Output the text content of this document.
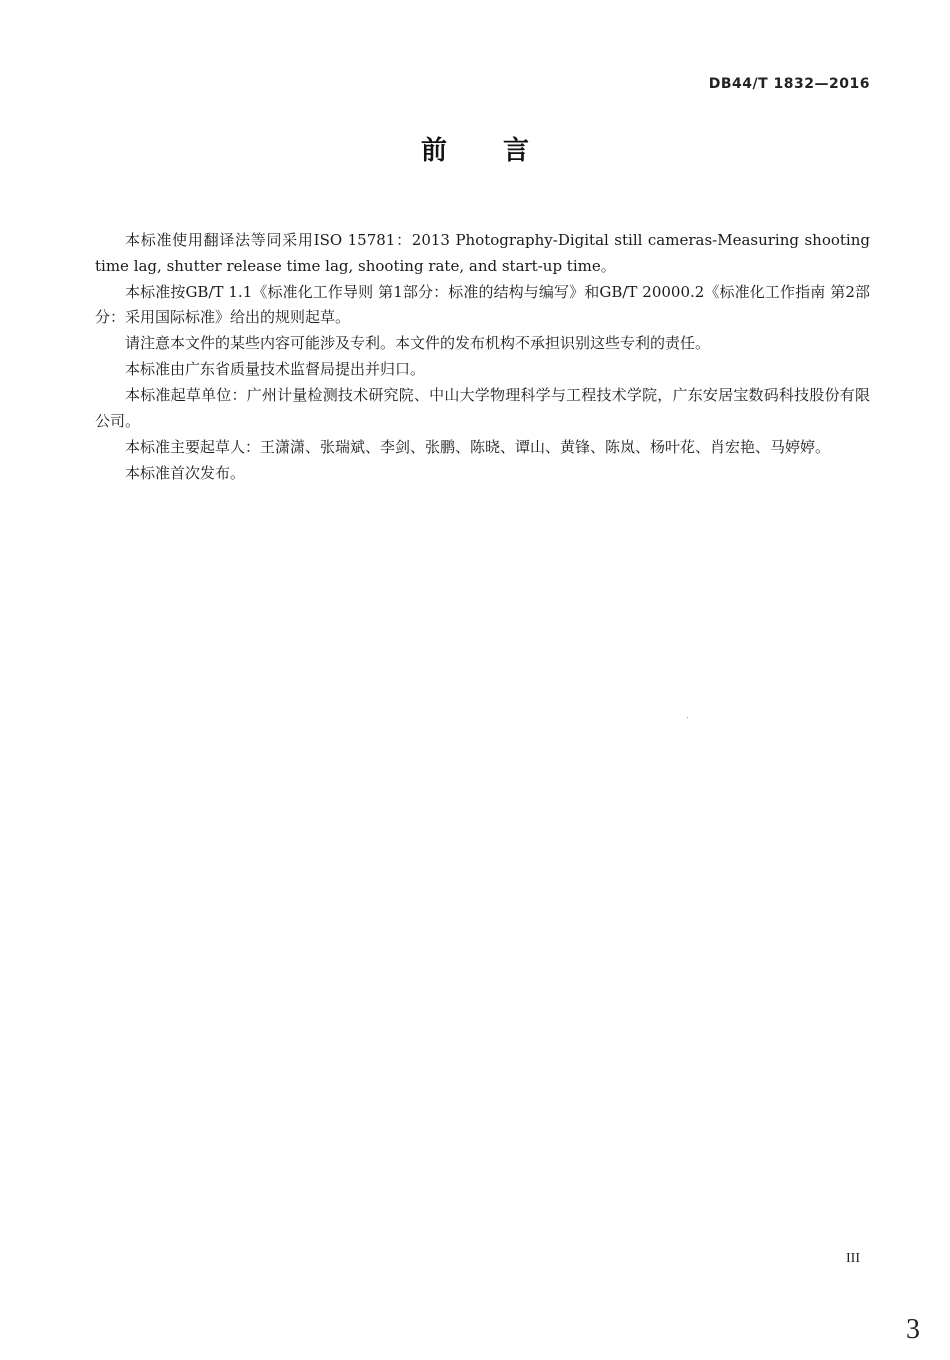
DB44/T 1832—2016
前言

本标准使用翻译法等同采用ISO 15781：2013 Photography-Digital still cameras-Measuring shooting time lag, shutter release time lag, shooting rate, and start-up time。

本标准按GB/T 1.1《标准化工作导则 第1部分：标准的结构与编写》和GB/T 20000.2《标准化工作指南 第2部分：采用国际标准》给出的规则起草。

请注意本文件的某些内容可能涉及专利。本文件的发布机构不承担识别这些专利的责任。

本标准由广东省质量技术监督局提出并归口。

本标准起草单位：广州计量检测技术研究院、中山大学物理科学与工程技术学院，广东安居宝数码科技股份有限公司。

本标准主要起草人：王潇潇、张瑞斌、李剑、张鹏、陈晓、谭山、黄锋、陈岚、杨叶花、肖宏艳、马婷婷。

本标准首次发布。

III
3
